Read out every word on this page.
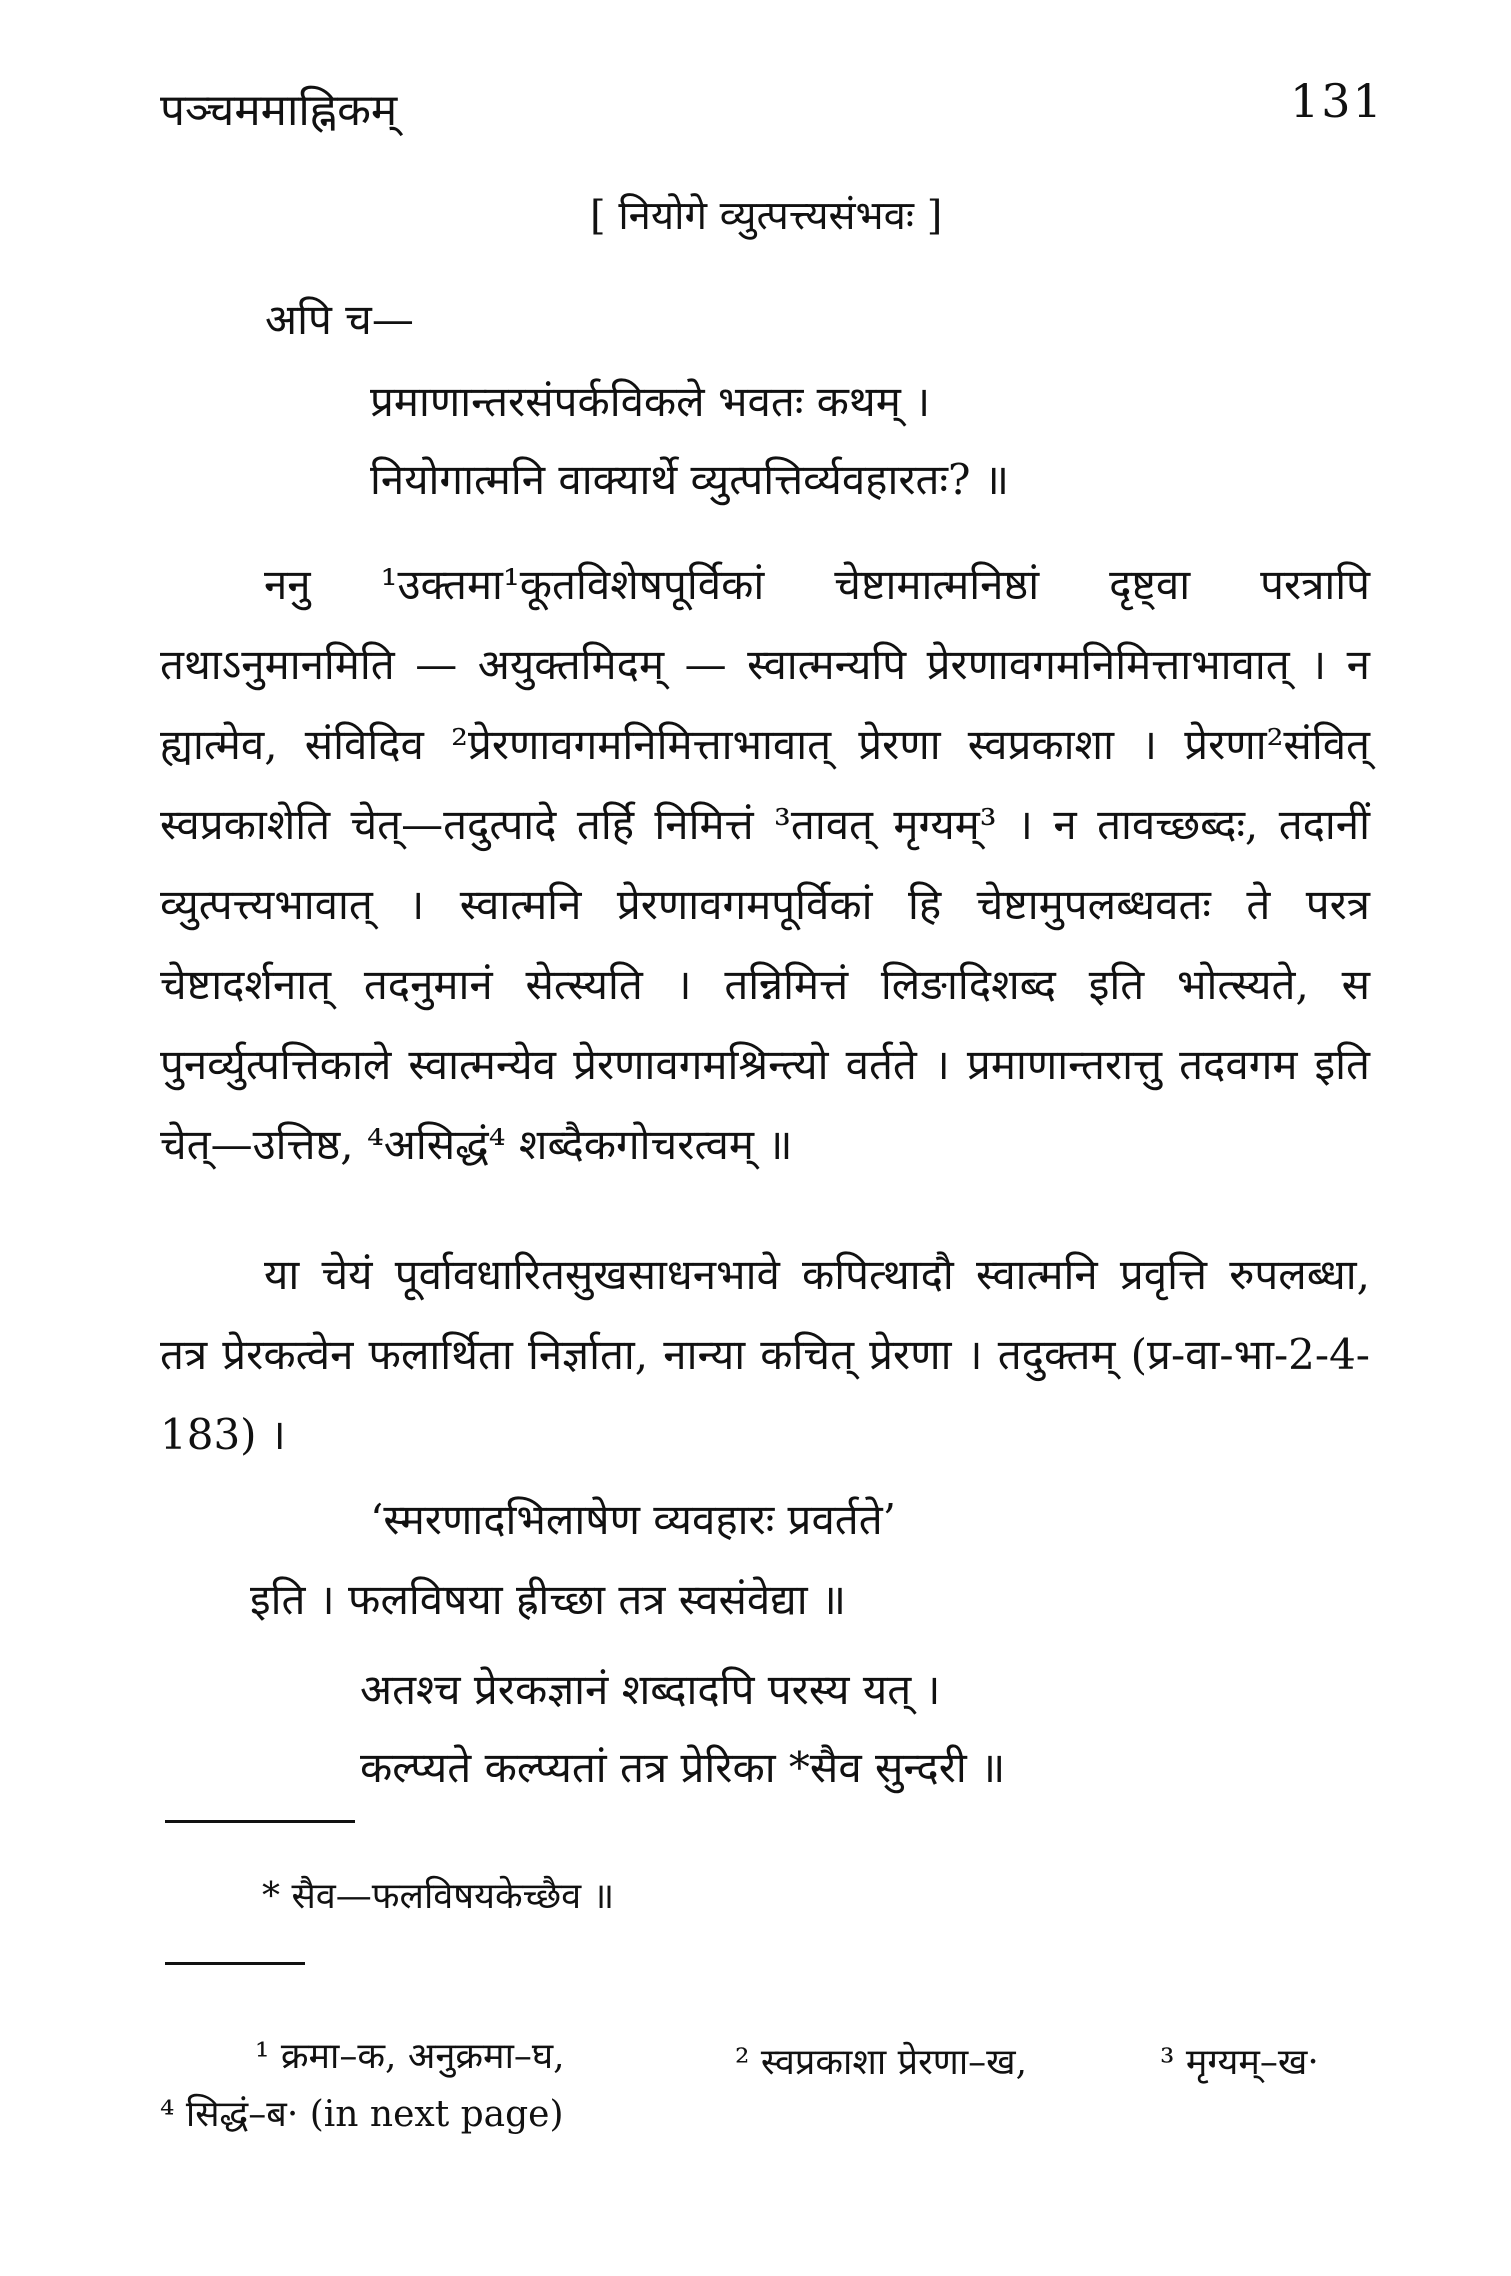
पञ्चममाह्निकम्	131
[ नियोगे व्युत्पत्त्यसंभवः ]
अपि च—
प्रमाणान्तरसंपर्कविकले भवतः कथम् ।
नियोगात्मनि वाक्यार्थे व्युत्पत्तिर्व्यवहारतः? ॥
ननु ¹उक्तमा¹कूतविशेषपूर्विकां चेष्टामात्मनिष्ठां दृष्ट्वा परत्रापि तथाऽनुमानमिति — अयुक्तमिदम् — स्वात्मन्यपि प्रेरणावगमनिमित्ताभावात् । न ह्यात्मेव, संविदिव ²प्रेरणावगमनिमित्ताभावात् प्रेरणा स्वप्रकाशा । प्रेरणा²संवित् स्वप्रकाशेति चेत्—तदुत्पादे तर्हि निमित्तं ³तावत् मृग्यम्³ । न तावच्छब्दः, तदानीं व्युत्पत्त्यभावात् । स्वात्मनि प्रेरणावगमपूर्विकां हि चेष्टामुपलब्धवतः ते परत्र चेष्टादर्शनात् तदनुमानं सेत्स्यति । तन्निमित्तं लिङादिशब्द इति भोत्स्यते, स पुनर्व्युत्पत्तिकाले स्वात्मन्येव प्रेरणावगमश्रिन्त्यो वर्तते । प्रमाणान्तरात्तु तदवगम इति चेत्—उत्तिष्ठ, ⁴असिद्धं⁴ शब्दैकगोचरत्वम् ॥
या चेयं पूर्वावधारितसुखसाधनभावे कपित्थादौ स्वात्मनि प्रवृत्ति रुपलब्धा, तत्र प्रेरकत्वेन फलार्थिता निर्ज्ञाता, नान्या कचित् प्रेरणा । तदुक्तम् (प्र-वा-भा-2-4-183) ।
‘स्मरणादभिलाषेण व्यवहारः प्रवर्तते’
इति । फलविषया ह्रीच्छा तत्र स्वसंवेद्या ॥
अतश्च प्रेरकज्ञानं शब्दादपि परस्य यत् ।
कल्प्यते कल्प्यतां तत्र प्रेरिका *सैव सुन्दरी ॥
* सैव—फलविषयकेच्छैव ॥
¹ क्रमा–क, अनुक्रमा–घ,	² स्वप्रकाशा प्रेरणा–ख,	³ मृग्यम्–ख·
⁴ सिद्धं–ब· (in next page)
